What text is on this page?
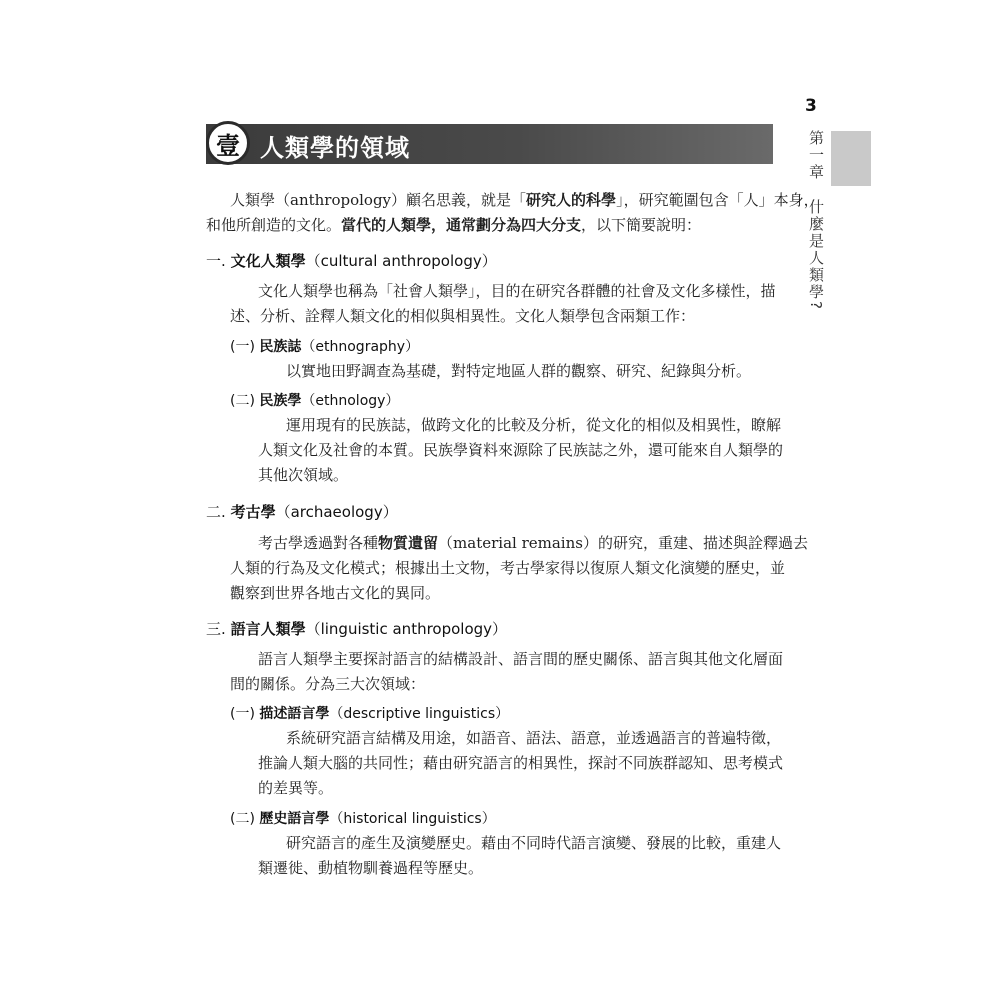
3
第一章什麼是人類學?
壹 人類學的領域

人類學（anthropology）顧名思義，就是「研究人的科學」，研究範圍包含「人」本身，

和他所創造的文化。當代的人類學，通常劃分為四大分支，以下簡要說明：

一. 文化人類學（cultural anthropology）

文化人類學也稱為「社會人類學」，目的在研究各群體的社會及文化多樣性，描

述、分析、詮釋人類文化的相似與相異性。文化人類學包含兩類工作：

(一) 民族誌（ethnography）

以實地田野調查為基礎，對特定地區人群的觀察、研究、紀錄與分析。

(二) 民族學（ethnology）

運用現有的民族誌，做跨文化的比較及分析，從文化的相似及相異性，瞭解

人類文化及社會的本質。民族學資料來源除了民族誌之外，還可能來自人類學的

其他次領域。

二. 考古學（archaeology）

考古學透過對各種物質遺留（material remains）的研究，重建、描述與詮釋過去

人類的行為及文化模式；根據出土文物，考古學家得以復原人類文化演變的歷史，並

觀察到世界各地古文化的異同。

三. 語言人類學（linguistic anthropology）

語言人類學主要探討語言的結構設計、語言間的歷史關係、語言與其他文化層面

間的關係。分為三大次領域：

(一) 描述語言學（descriptive linguistics）

系統研究語言結構及用途，如語音、語法、語意，並透過語言的普遍特徵，

推論人類大腦的共同性；藉由研究語言的相異性，探討不同族群認知、思考模式

的差異等。

(二) 歷史語言學（historical linguistics）

研究語言的產生及演變歷史。藉由不同時代語言演變、發展的比較，重建人

類遷徙、動植物馴養過程等歷史。
